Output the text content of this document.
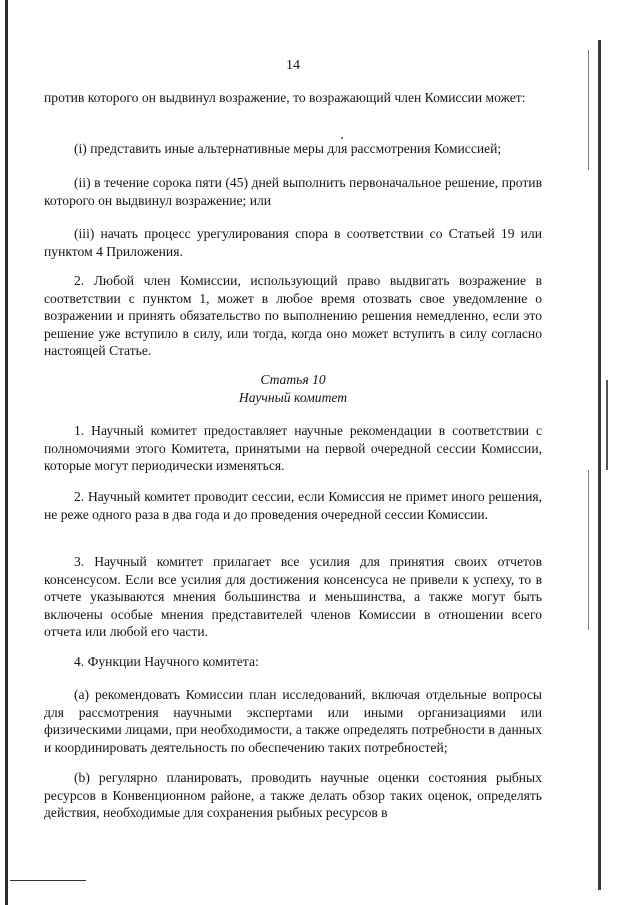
14

против которого он выдвинул возражение, то возражающий член Комиссии может:

(i) представить иные альтернативные меры для рассмотрения Комиссией;

(ii) в течение сорока пяти (45) дней выполнить первоначальное решение, против которого он выдвинул возражение; или

(iii) начать процесс урегулирования спора в соответствии со Статьей 19 или пунктом 4 Приложения.

2. Любой член Комиссии, использующий право выдвигать возражение в соответствии с пунктом 1, может в любое время отозвать свое уведомление о возражении и принять обязательство по выполнению решения немедленно, если это решение уже вступило в силу, или тогда, когда оно может вступить в силу согласно настоящей Статье.

Статья 10

Научный комитет

1. Научный комитет предоставляет научные рекомендации в соответствии с полномочиями этого Комитета, принятыми на первой очередной сессии Комиссии, которые могут периодически изменяться.

2. Научный комитет проводит сессии, если Комиссия не примет иного решения, не реже одного раза в два года и до проведения очередной сессии Комиссии.

3. Научный комитет прилагает все усилия для принятия своих отчетов консенсусом. Если все усилия для достижения консенсуса не привели к успеху, то в отчете указываются мнения большинства и меньшинства, а также могут быть включены особые мнения представителей членов Комиссии в отношении всего отчета или любой его части.

4. Функции Научного комитета:

(a) рекомендовать Комиссии план исследований, включая отдельные вопросы для рассмотрения научными экспертами или иными организациями или физическими лицами, при необходимости, а также определять потребности в данных и координировать деятельность по обеспечению таких потребностей;

(b) регулярно планировать, проводить научные оценки состояния рыбных ресурсов в Конвенционном районе, а также делать обзор таких оценок, определять действия, необходимые для сохранения рыбных ресурсов в
